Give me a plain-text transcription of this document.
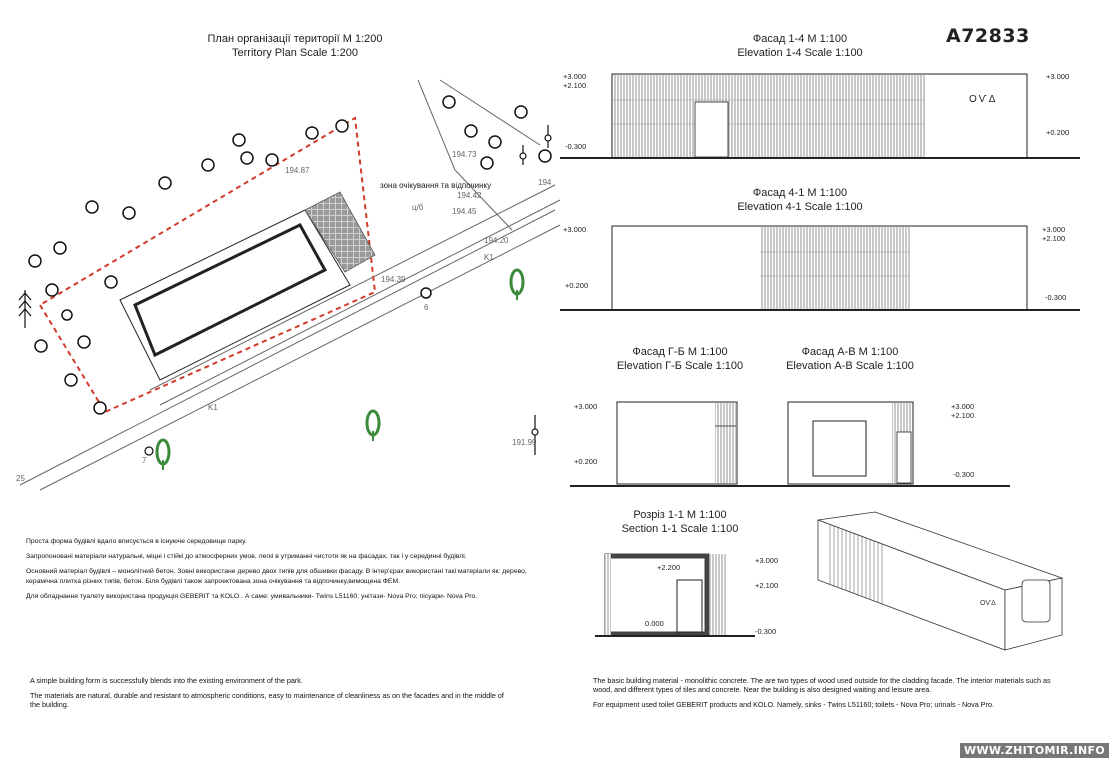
План організації території М 1:200
Territory Plan Scale 1:200
194.87
194.73
194
194.42
194.45
194.20
194.39
191.99
25
K1
K1
6
7
ц/б
зона очікування та відпочинку
A72833
Фасад 1-4 М 1:100
Elevation 1-4 Scale 1:100
+3.000
+2.100
-0.300
+3.000
+0.200
ОѴΔ
Фасад 4-1 М 1:100
Elevation 4-1 Scale 1:100
+3.000
+0.200
+3.000
+2.100
-0.300
Фасад Г-Б М 1:100
Elevation Г-Б Scale 1:100
Фасад А-В М 1:100
Elevation А-В Scale 1:100
+3.000
+0.200
+3.000
+2.100
-0.300
Розріз 1-1 М 1:100
Section 1-1 Scale 1:100
+2.200
0.000
+3.000
+2.100
-0.300
ОѴΔ

Проста форма будівлі вдало вписується в існуюче середовище парку.

Запропоновані матеріали натуральні, міцні і стійкі до атмосферних умов, легкі в утриманні чистоти як на фасадах, так і у серединні будівлі.

Основний матеріал будівлі – монолітний бетон. Зовні використане дерево двох типів для обшивки фасаду. В інтер'єрах використані такі матеріали як: дерево, керамічна плитка різних типів, бетон. Біля будівлі також запроектована зона очікування та відпочинку,вимощена ФЕМ.

Для обладнання туалету використана продукція GEBERIT та KOLO . А саме: умивальники- Twins L51160; унітази- Nova Pro; пісуари- Nova Pro.

A simple building form is successfully blends into the existing environment of the park.

The materials are natural, durable and resistant to atmospheric conditions, easy to maintenance of cleanliness as on the facades and in the middle of the building.

The basic building material - monolithic concrete. The are two types of wood used outside for the cladding facade. The interior materials such as wood, and different types of tiles and concrete. Near the building is also designed waiting and leisure area.

For equipment used toilet GEBERIT products and KOLO. Namely, sinks - Twins L51160; toilets - Nova Pro; urinals - Nova Pro.

WWW.ZHITOMIR.INFO
